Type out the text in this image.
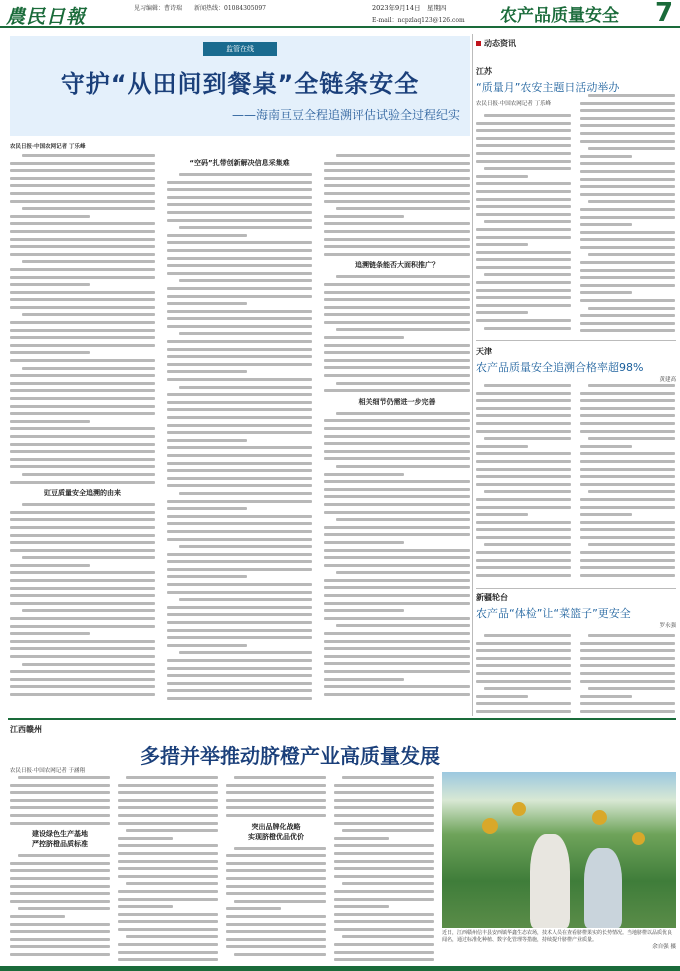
農民日報	见习编辑：曹诗瑞　　新闻热线：01084305097	2023年9月14日　星期四
E-mail：ncpzlaq123@126.com 农产品质量安全 7
监管在线
守护“从田间到餐桌”全链条安全
——海南亘豆全程追溯评估试验全过程纪实
农民日报·中国农网记者 丁乐峰
豇豆质量安全追溯的由来
“空码”扎带创新解决信息采集难
追溯链条能否大面积推广？
相关细节仍需进一步完善
动态资讯
江苏
“质量月”农安主题日活动举办
农民日报·中国农网记者 丁乐峰
天津
农产品质量安全追溯合格率超98%
黄建高
新疆轮台
农产品“体检”让“菜篮子”更安全
罗永强
江西赣州
多措并举推动脐橙产业高质量发展
农民日报·中国农网记者 于涵翔
建设绿色生产基地
严控脐橙品质标准
突出品牌化战略
实现脐橙优品优价
近日，江西赣州信丰县安西镇华鑫生态农场，技术人员在查看脐橙果实的长势情况。当地脐橙以品质优良闻名，通过标准化种植、数字化管理等措施，持续提升脐橙产业质量。
余自强 摄
